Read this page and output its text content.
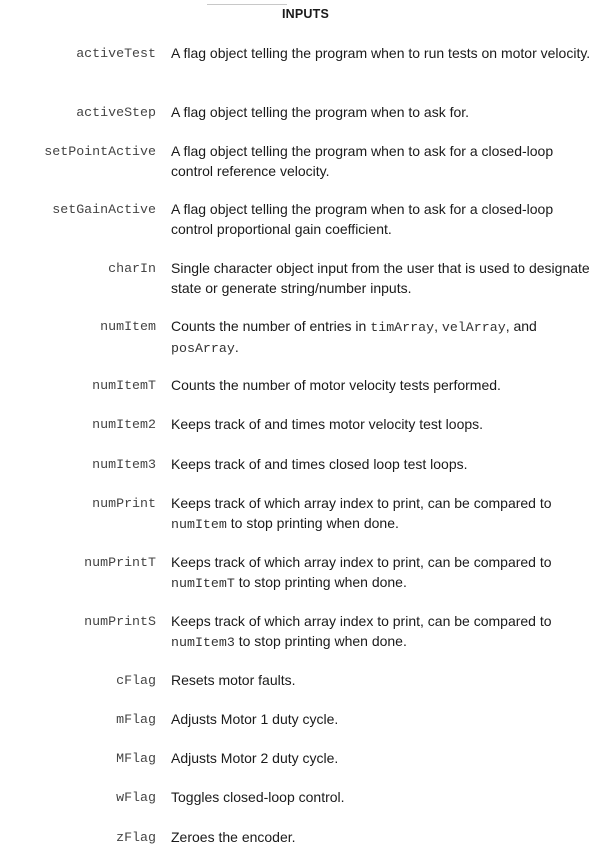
INPUTS
activeTest A flag object telling the program when to run tests on motor velocity.
activeStep A flag object telling the program when to ask for.
setPointActive A flag object telling the program when to ask for a closed-loop control reference velocity.
setGainActive A flag object telling the program when to ask for a closed-loop control proportional gain coefficient.
charIn Single character object input from the user that is used to designate state or generate string/number inputs.
numItem Counts the number of entries in timArray, velArray, and posArray.
numItemT Counts the number of motor velocity tests performed.
numItem2 Keeps track of and times motor velocity test loops.
numItem3 Keeps track of and times closed loop test loops.
numPrint Keeps track of which array index to print, can be compared to numItem to stop printing when done.
numPrintT Keeps track of which array index to print, can be compared to numItemT to stop printing when done.
numPrintS Keeps track of which array index to print, can be compared to numItem3 to stop printing when done.
cFlag Resets motor faults.
mFlag Adjusts Motor 1 duty cycle.
MFlag Adjusts Motor 2 duty cycle.
wFlag Toggles closed-loop control.
zFlag Zeroes the encoder.
